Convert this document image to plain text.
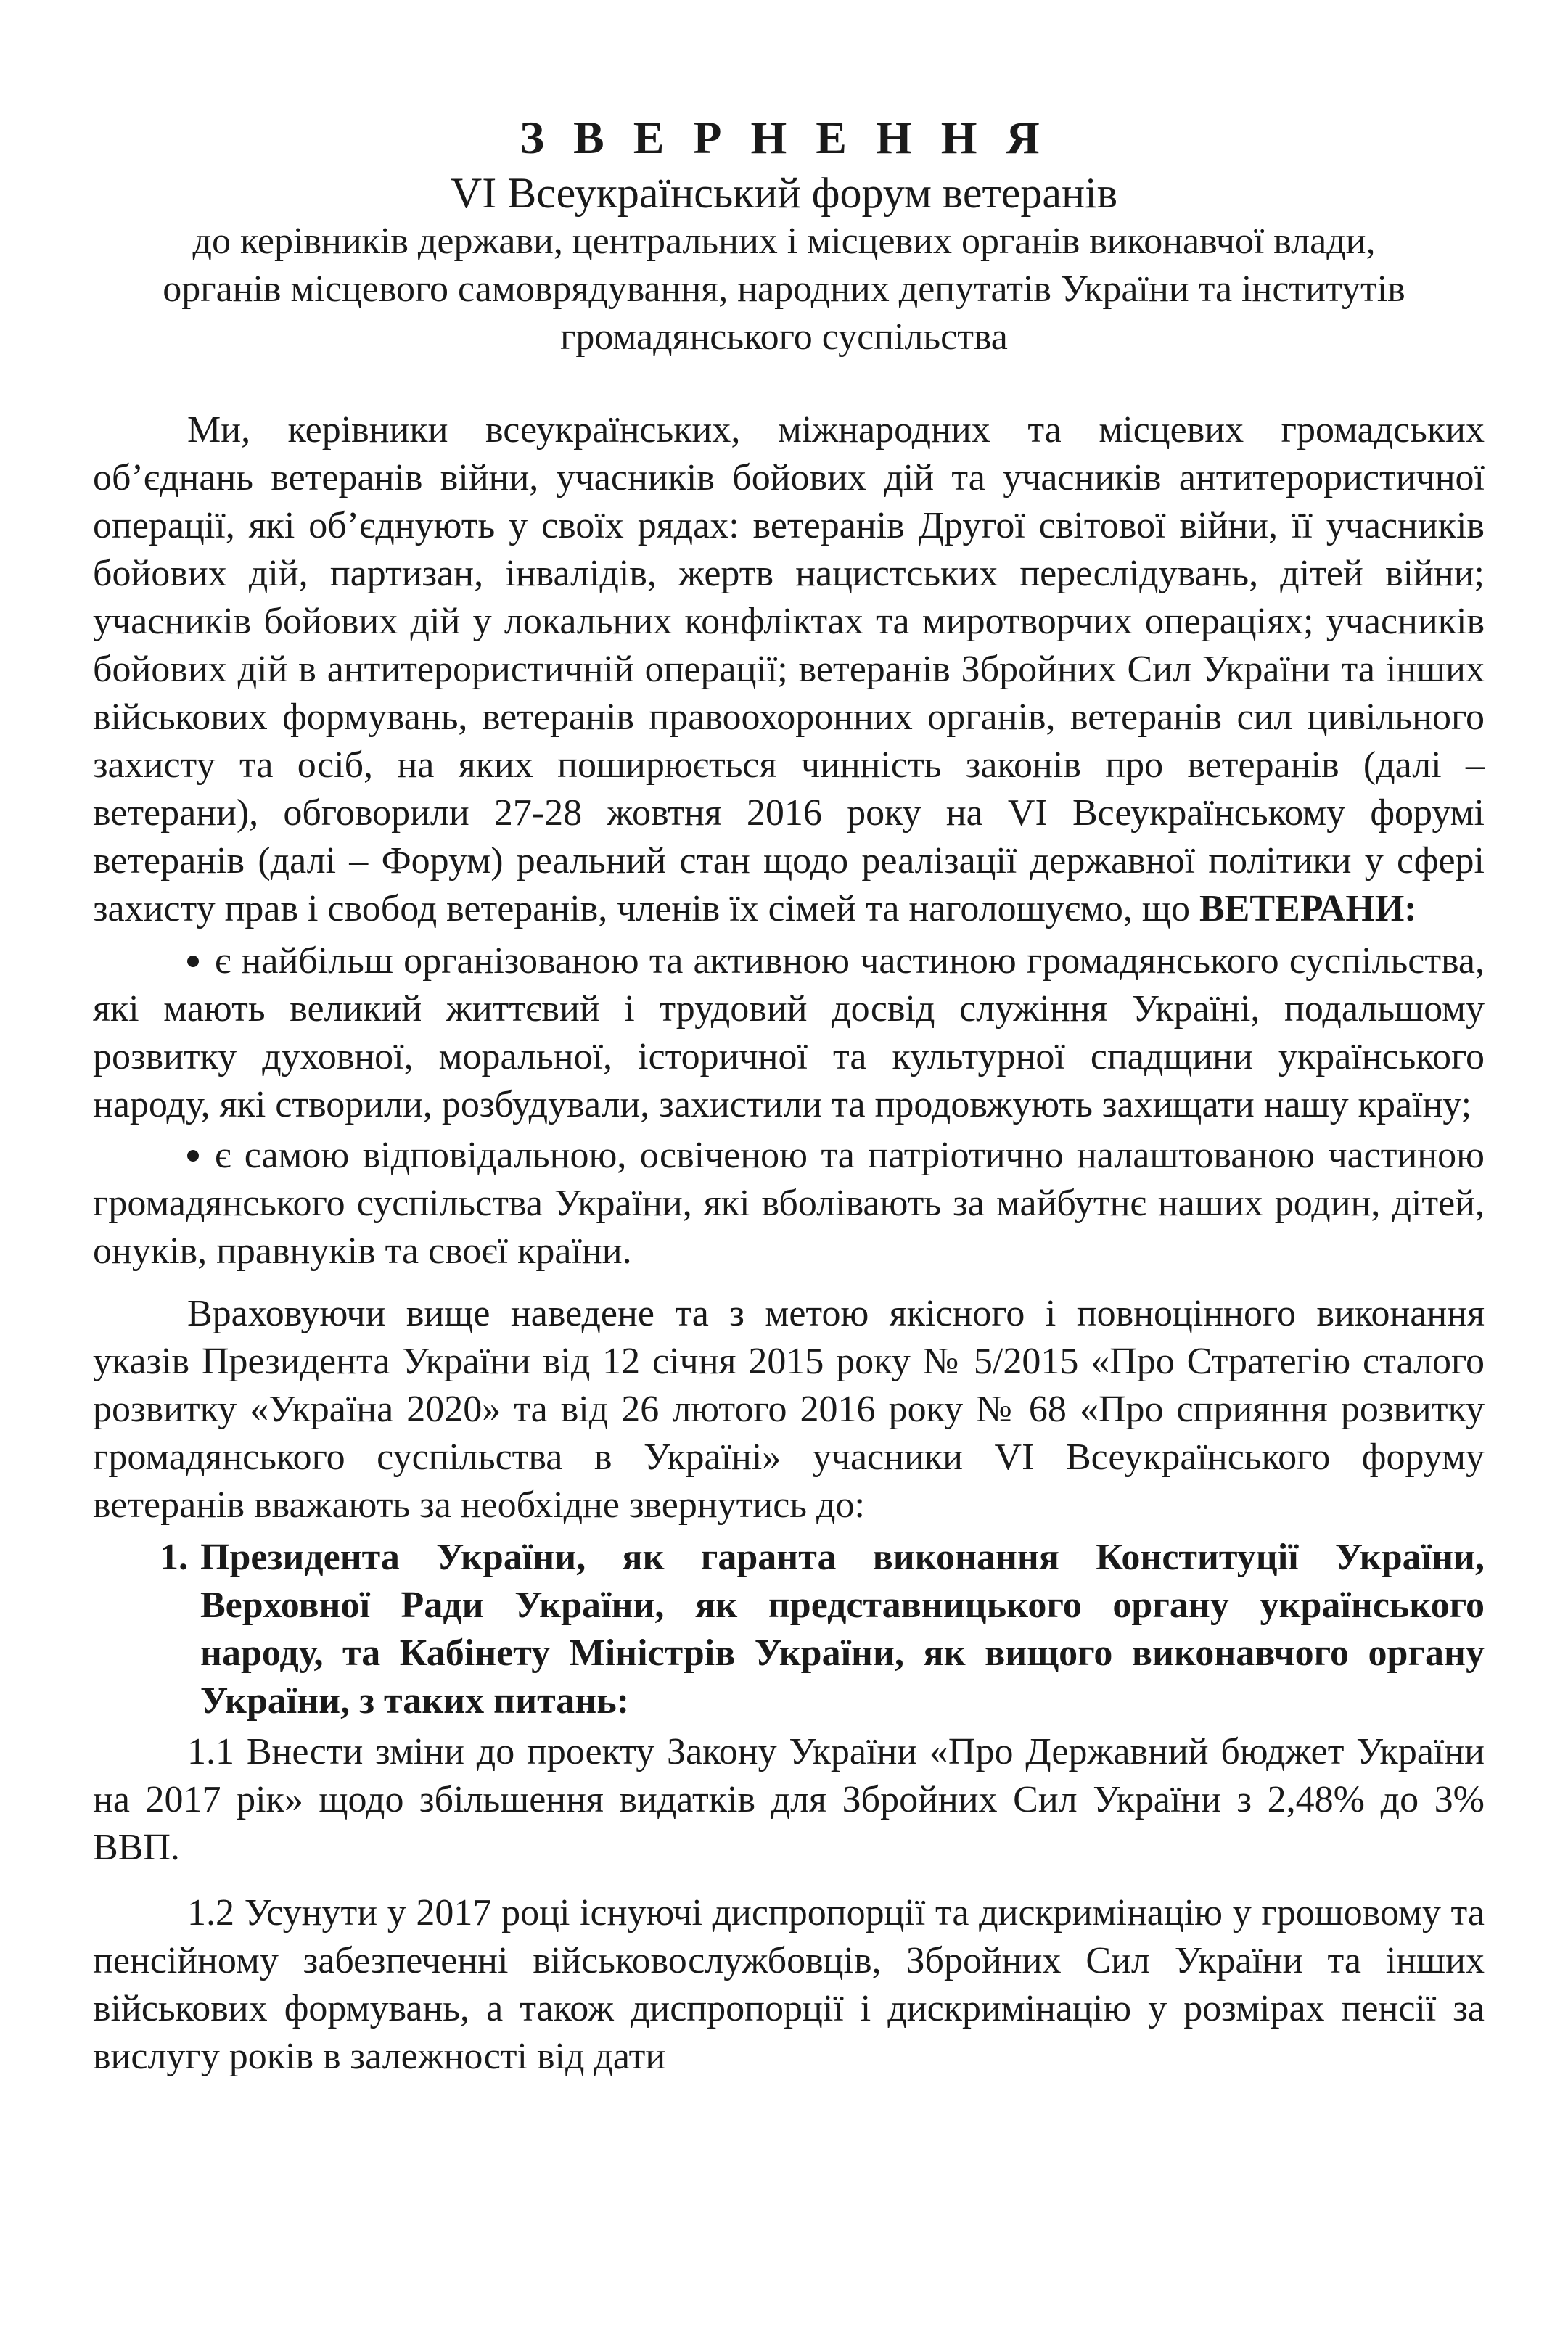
З В Е Р Н Е Н Н Я
VI Всеукраїнський форум ветеранів
до керівників держави, центральних і місцевих органів виконавчої влади, органів місцевого самоврядування, народних депутатів України та інститутів громадянського суспільства

Ми, керівники всеукраїнських, міжнародних та місцевих громадських об’єднань ветеранів війни, учасників бойових дій та учасників антитерористичної операції, які об’єднують у своїх рядах: ветеранів Другої світової війни, її учасників бойових дій, партизан, інвалідів, жертв нацистських переслідувань, дітей війни; учасників бойових дій у локальних конфліктах та миротворчих операціях; учасників бойових дій в антитерористичній операції; ветеранів Збройних Сил України та інших військових формувань, ветеранів правоохоронних органів, ветеранів сил цивільного захисту та осіб, на яких поширюється чинність законів про ветеранів (далі – ветерани), обговорили 27-28 жовтня 2016 року на VI Всеукраїнському форумі ветеранів (далі – Форум) реальний стан щодо реалізації державної політики у сфері захисту прав і свобод ветеранів, членів їх сімей та наголошуємо, що ВЕТЕРАНИ:

є найбільш організованою та активною частиною громадянського суспільства, які мають великий життєвий і трудовий досвід служіння Україні, подальшому розвитку духовної, моральної, історичної та культурної спадщини українського народу, які створили, розбудували, захистили та продовжують захищати нашу країну;

є самою відповідальною, освіченою та патріотично налаштованою частиною громадянського суспільства України, які вболівають за майбутнє наших родин, дітей, онуків, правнуків та своєї країни.

Враховуючи вище наведене та з метою якісного і повноцінного виконання указів Президента України від 12 січня 2015 року № 5/2015 «Про Стратегію сталого розвитку «Україна 2020» та від 26 лютого 2016 року № 68 «Про сприяння розвитку громадянського суспільства в Україні» учасники VI Всеукраїнського форуму ветеранів вважають за необхідне звернутись до:

1. Президента України, як гаранта виконання Конституції України, Верховної Ради України, як представницького органу українського народу, та Кабінету Міністрів України, як вищого виконавчого органу України, з таких питань:

1.1 Внести зміни до проекту Закону України «Про Державний бюджет України на 2017 рік» щодо збільшення видатків для Збройних Сил України з 2,48% до 3% ВВП.

1.2 Усунути у 2017 році існуючі диспропорції та дискримінацію у грошовому та пенсійному забезпеченні військовослужбовців, Збройних Сил України та інших військових формувань, а також диспропорції і дискримінацію у розмірах пенсії за вислугу років в залежності від дати
